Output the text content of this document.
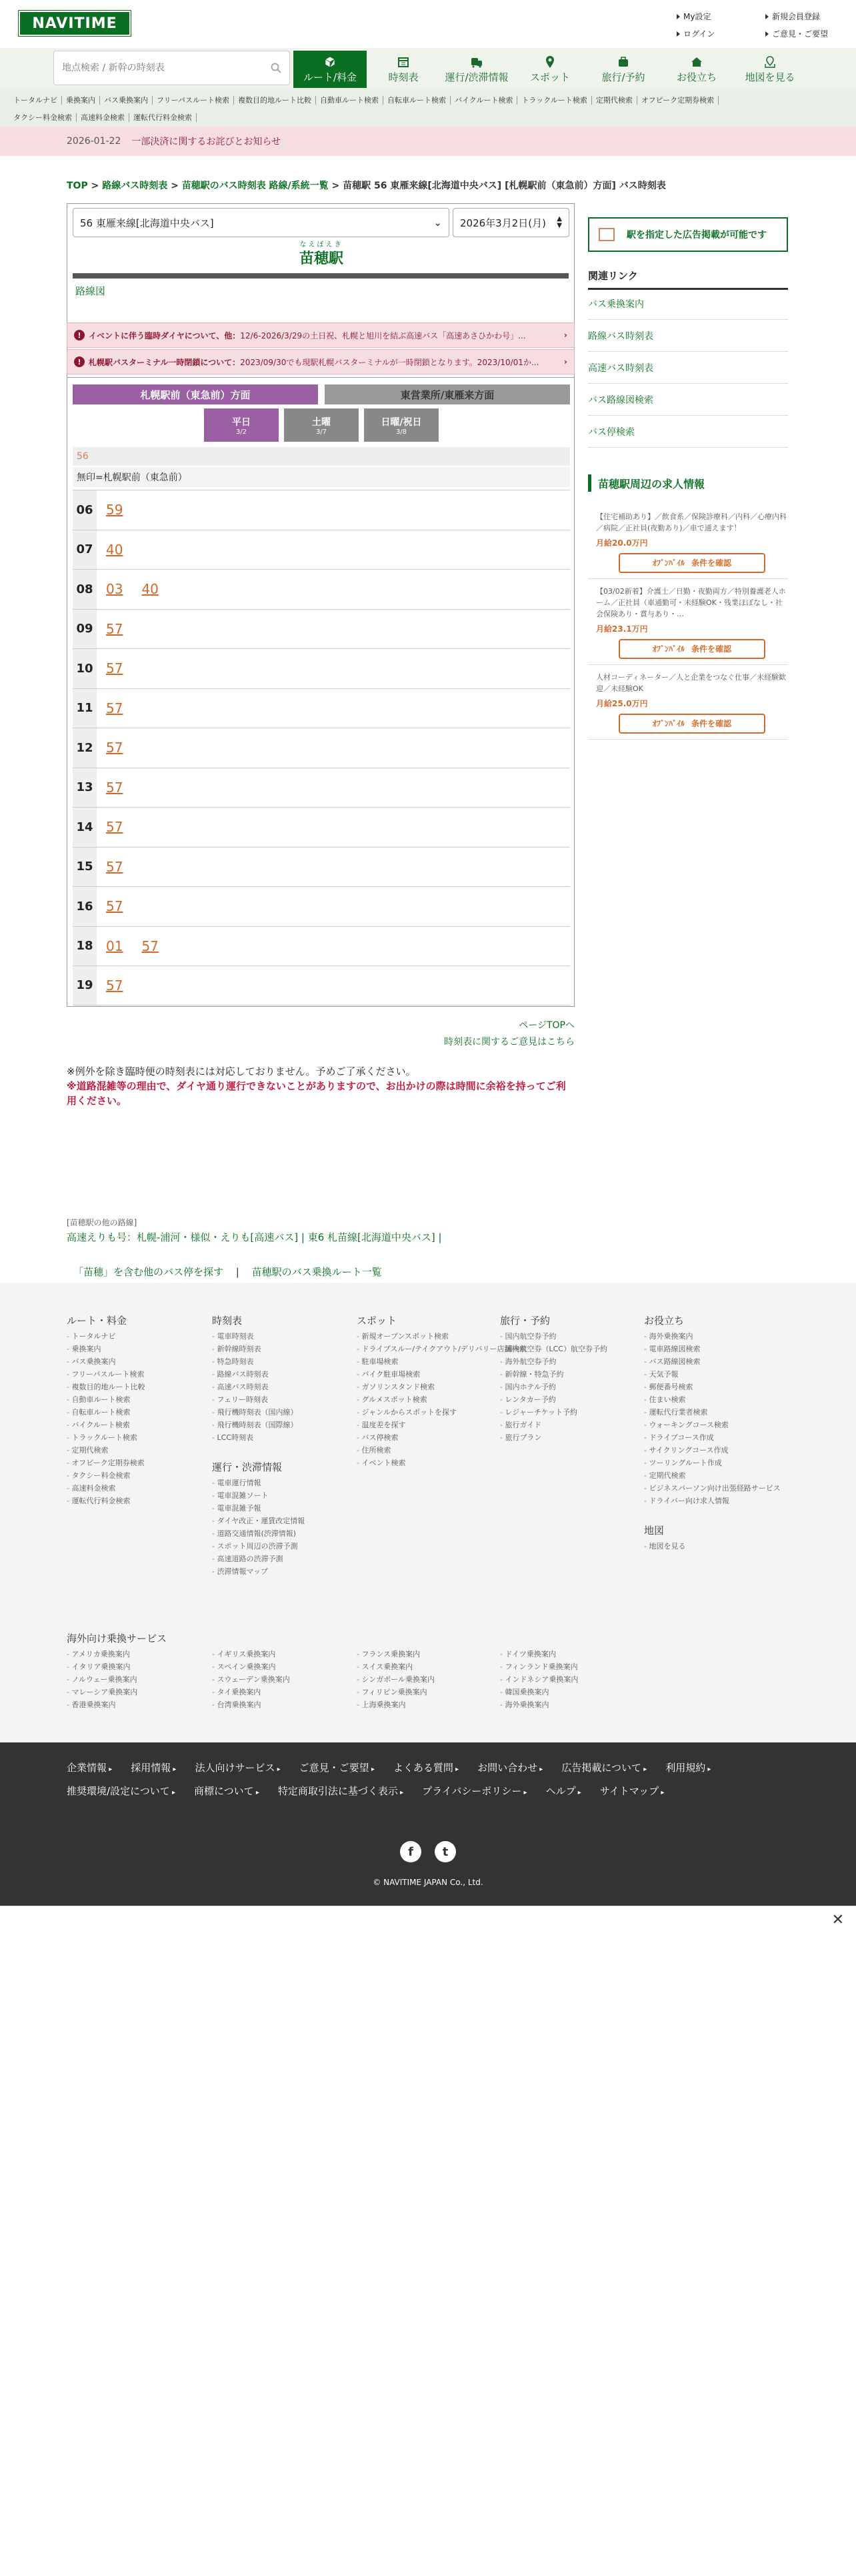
NAVITIME	My設定
ログイン
新規会員登録
ご意見・ご要望
地点検索 / 新幹の時刻表
ルート/料金	時刻表	運行/渋滞情報 スポット	旅行/予約	お役立ち	地図を見る
トータルナビ 乗換案内 バス乗換案内 フリーパスルート検索 複数目的地ルート比較 自動車ルート検索 自転車ルート検索 バイクルート検索 トラックルート検索 定期代検索 オフピーク定期券検索
タクシー料金検索 高速料金検索 運転代行料金検索
2026-01-22 一部決済に関するお詫びとお知らせ
TOP > 路線バス時刻表 > 苗穂駅のバス時刻表 路線/系統一覧 > 苗穂駅 56 東雁来線[北海道中央バス] [札幌駅前（東急前）方面] バス時刻表
56 東雁来線[北海道中央バス]	⌄ 2026年3月2日(月) ▲
▼
なえぼえき
苗穂駅
路線図
! イベントに伴う臨時ダイヤについて、他：12/6-2026/3/29の土日祝、札幌と旭川を結ぶ高速バス「高速あさひかわ号」...	›
! 札幌駅バスターミナル一時閉鎖について：2023/09/30でも現駅札幌バスターミナルが一時閉鎖となります。2023/10/01か...	›
札幌駅前（東急前）方面	東営業所/東雁来方面
平日
3/2
土曜
3/7
日曜/祝日
3/8
56
無印=札幌駅前（東急前）
06 59
07 40
08 03 40
09 57
10 57
11 57
12 57
13 57
14 57
15 57
16 57
18 01 57
19 57
ページTOPへ
時刻表に関するご意見はこちら
※例外を除き臨時便の時刻表には対応しておりません。予めご了承ください。
※道路混雑等の理由で、ダイヤ通り運行できないことがありますので、お出かけの際は時間に余裕を持ってご利用ください。
[苗穂駅の他の路線]
高速えりも号：札幌-浦河・様似・えりも[高速バス] | 東6 札苗線[北海道中央バス] |
「苗穂」を含む他のバス停を探す | 苗穂駅のバス乗換ルート一覧
駅を指定した広告掲載が可能です
関連リンク
バス乗換案内
路線バス時刻表
高速バス時刻表
バス路線図検索
バス停検索
苗穂駅周辺の求人情報
【住宅補助あり】／飲食系／保険診療科／内科／心療内科／病院／正社員(夜勤あり)／車で通えます！
月給20.0万円
ｵﾌﾞﾝﾊﾞｲﾙ 条件を確認
【03/02新着】介護士／日勤・夜勤両方／特別養護老人ホーム／正社員（車通勤可・未経験OK・残業ほぼなし・社会保険あり・賞与あり・…
月給23.1万円
ｵﾌﾞﾝﾊﾞｲﾙ 条件を確認
人材コーディネーター／人と企業をつなぐ仕事／未経験歓迎／未経験OK
月給25.0万円
ｵﾌﾞﾝﾊﾞｲﾙ 条件を確認
ルート・料金
- トータルナビ
- 乗換案内
- バス乗換案内
- フリーパスルート検索
- 複数目的地ルート比較
- 自動車ルート検索
- 自転車ルート検索
- バイクルート検索
- トラックルート検索
- 定期代検索
- オフピーク定期券検索
- タクシー料金検索
- 高速料金検索
- 運転代行料金検索
時刻表
- 電車時刻表
- 新幹線時刻表
- 特急時刻表
- 路線バス時刻表
- 高速バス時刻表
- フェリー時刻表
- 飛行機時刻表（国内線）
- 飛行機時刻表（国際線）
- LCC時刻表
運行・渋滞情報
- 電車運行情報
- 電車混雑ソート
- 電車混雑予報
- ダイヤ改正・運賃改定情報
- 道路交通情報(渋滞情報)
- スポット周辺の渋滞予測
- 高速道路の渋滞予測
- 渋滞情報マップ
スポット
- 新規オープンスポット検索
- ドライブスルー/テイクアウト/デリバリー店舗検索
- 駐車場検索
- バイク駐車場検索
- ガソリンスタンド検索
- グルメスポット検索
- ジャンルからスポットを探す
- 温度差を探す
- バス停検索
- 住所検索
- イベント検索
旅行・予約
- 国内航空券予約
- 国内航空券（LCC）航空券予約
- 海外航空券予約
- 新幹線・特急予約
- 国内ホテル予約
- レンタカー予約
- レジャーチケット予約
- 旅行ガイド
- 旅行プラン
お役立ち
- 海外乗換案内
- 電車路線図検索
- バス路線図検索
- 天気予報
- 郵便番号検索
- 住まい検索
- 運転代行業者検索
- ウォーキングコース検索
- ドライブコース作成
- サイクリングコース作成
- ツーリングルート作成
- 定期代検索
- ビジネスパーソン向け出張経路サービス
- ドライバー向け求人情報
地図
- 地図を見る
海外向け乗換サービス
- アメリカ乗換案内
- イタリア乗換案内
- ノルウェー乗換案内
- マレーシア乗換案内
- 香港乗換案内
- イギリス乗換案内
- スペイン乗換案内
- スウェーデン乗換案内
- タイ乗換案内
- 台湾乗換案内
- フランス乗換案内
- スイス乗換案内
- シンガポール乗換案内
- フィリピン乗換案内
- 上海乗換案内
- ドイツ乗換案内
- フィンランド乗換案内
- インドネシア乗換案内
- 韓国乗換案内
- 海外乗換案内
企業情報 ▸ 採用情報 ▸ 法人向けサービス ▸ ご意見・ご要望 ▸ よくある質問 ▸ お問い合わせ ▸ 広告掲載について ▸ 利用規約 ▸推奨環境/設定について ▸ 商標について ▸ 特定商取引法に基づく表示 ▸ プライバシーポリシー ▸ ヘルプ ▸ サイトマップ ▸
f	t
© NAVITIME JAPAN Co., Ltd.
✕
